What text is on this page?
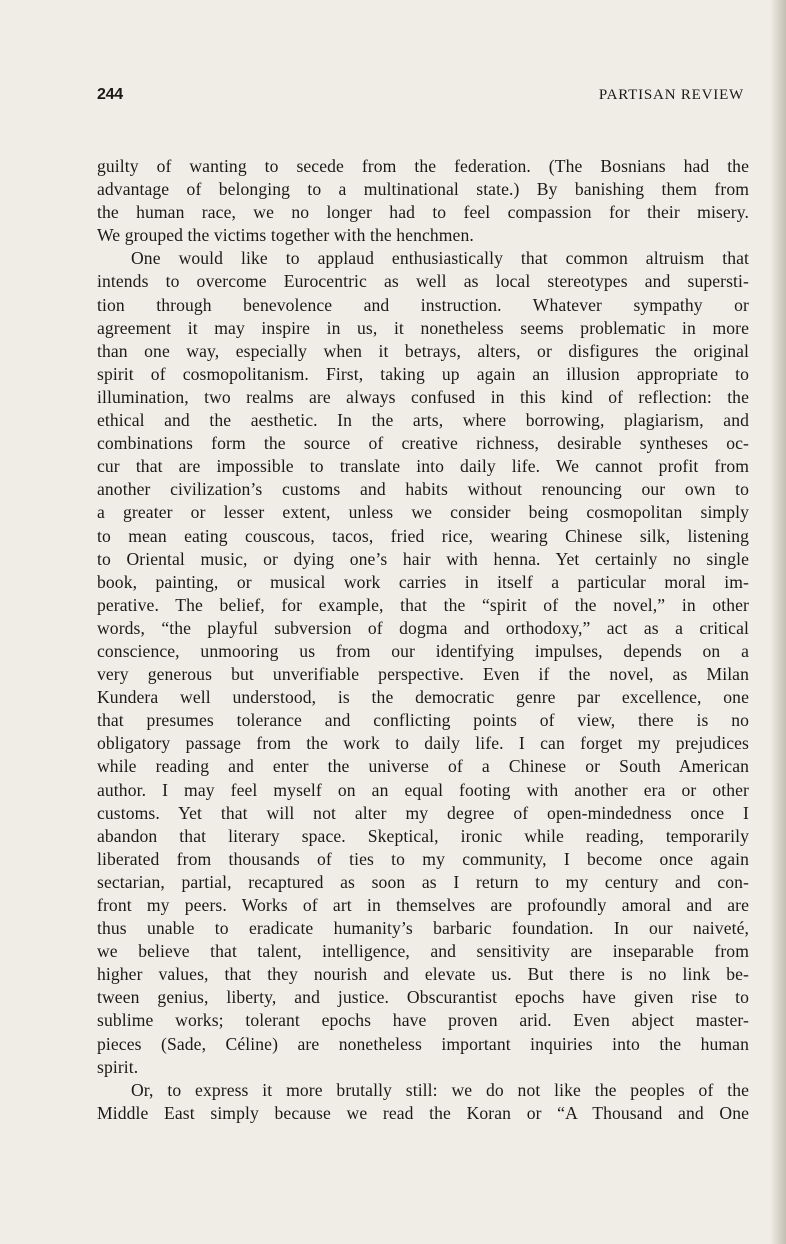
244	PARTISAN REVIEW
guilty of wanting to secede from the federation. (The Bosnians had the
advantage of belonging to a multinational state.) By banishing them from
the human race, we no longer had to feel compassion for their misery.
We grouped the victims together with the henchmen.
One would like to applaud enthusiastically that common altruism that
intends to overcome Eurocentric as well as local stereotypes and supersti-
tion through benevolence and instruction. Whatever sympathy or
agreement it may inspire in us, it nonetheless seems problematic in more
than one way, especially when it betrays, alters, or disfigures the original
spirit of cosmopolitanism. First, taking up again an illusion appropriate to
illumination, two realms are always confused in this kind of reflection: the
ethical and the aesthetic. In the arts, where borrowing, plagiarism, and
combinations form the source of creative richness, desirable syntheses oc-
cur that are impossible to translate into daily life. We cannot profit from
another civilization’s customs and habits without renouncing our own to
a greater or lesser extent, unless we consider being cosmopolitan simply
to mean eating couscous, tacos, fried rice, wearing Chinese silk, listening
to Oriental music, or dying one’s hair with henna. Yet certainly no single
book, painting, or musical work carries in itself a particular moral im-
perative. The belief, for example, that the “spirit of the novel,” in other
words, “the playful subversion of dogma and orthodoxy,” act as a critical
conscience, unmooring us from our identifying impulses, depends on a
very generous but unverifiable perspective. Even if the novel, as Milan
Kundera well understood, is the democratic genre par excellence, one
that presumes tolerance and conflicting points of view, there is no
obligatory passage from the work to daily life. I can forget my prejudices
while reading and enter the universe of a Chinese or South American
author. I may feel myself on an equal footing with another era or other
customs. Yet that will not alter my degree of open-mindedness once I
abandon that literary space. Skeptical, ironic while reading, temporarily
liberated from thousands of ties to my community, I become once again
sectarian, partial, recaptured as soon as I return to my century and con-
front my peers. Works of art in themselves are profoundly amoral and are
thus unable to eradicate humanity’s barbaric foundation. In our naiveté,
we believe that talent, intelligence, and sensitivity are inseparable from
higher values, that they nourish and elevate us. But there is no link be-
tween genius, liberty, and justice. Obscurantist epochs have given rise to
sublime works; tolerant epochs have proven arid. Even abject master-
pieces (Sade, Céline) are nonetheless important inquiries into the human
spirit.
Or, to express it more brutally still: we do not like the peoples of the
Middle East simply because we read the Koran or “A Thousand and One
